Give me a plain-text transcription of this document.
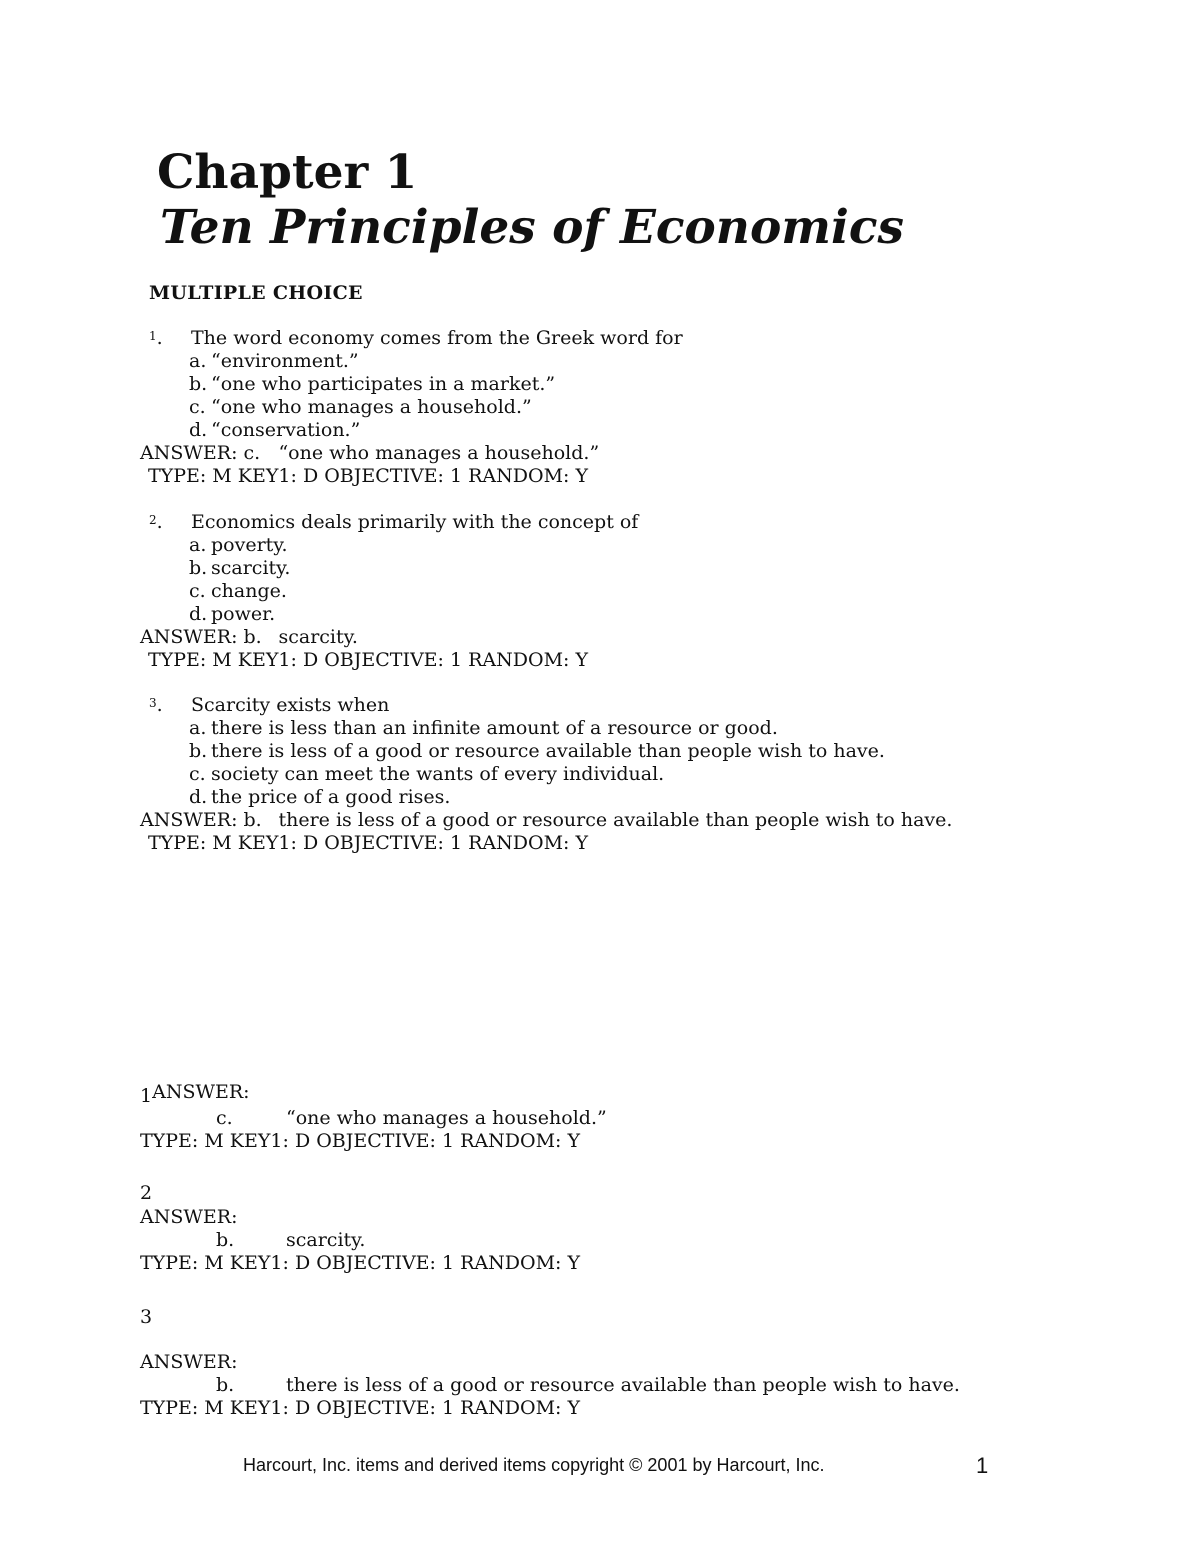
Chapter 1
Ten Principles of Economics
MULTIPLE CHOICE
1. The word economy comes from the Greek word for
a. “environment.”
b. “one who participates in a market.”
c. “one who manages a household.”
d. “conservation.”
ANSWER: c. “one who manages a household.”
TYPE: M KEY1: D OBJECTIVE: 1 RANDOM: Y
2. Economics deals primarily with the concept of
a. poverty.
b. scarcity.
c. change.
d. power.
ANSWER: b. scarcity.
TYPE: M KEY1: D OBJECTIVE: 1 RANDOM: Y
3. Scarcity exists when
a. there is less than an infinite amount of a resource or good.
b. there is less of a good or resource available than people wish to have.
c. society can meet the wants of every individual.
d. the price of a good rises.
ANSWER: b. there is less of a good or resource available than people wish to have.
TYPE: M KEY1: D OBJECTIVE: 1 RANDOM: Y
1ANSWER:
c.	“one who manages a household.”
TYPE: M KEY1: D OBJECTIVE: 1 RANDOM: Y
2
ANSWER:
b.	scarcity.
TYPE: M KEY1: D OBJECTIVE: 1 RANDOM: Y
3
ANSWER:
b.	there is less of a good or resource available than people wish to have.
TYPE: M KEY1: D OBJECTIVE: 1 RANDOM: Y
Harcourt, Inc. items and derived items copyright © 2001 by Harcourt, Inc.	1
